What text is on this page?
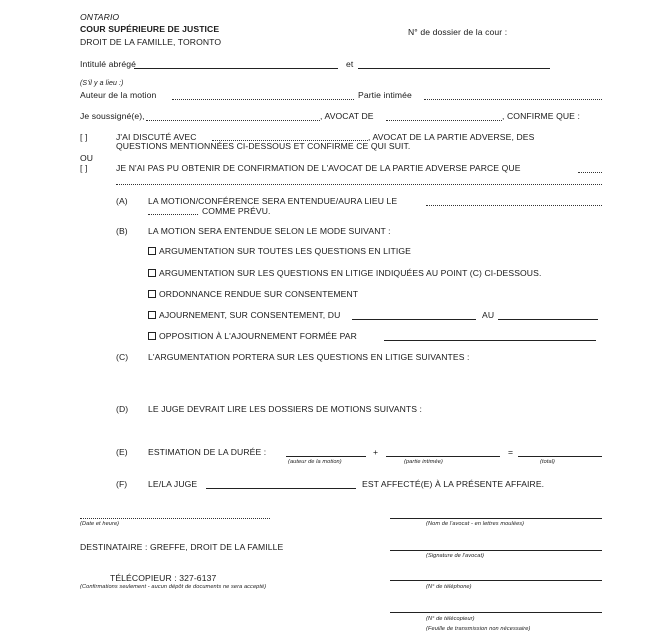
ONTARIO
COUR SUPÉRIEURE DE JUSTICE
DROIT DE LA FAMILLE, TORONTO
N° de dossier de la cour :
Intitulé abrégé	et
(S'il y a lieu :)
Auteur de la motion	Partie intimée
Je soussigné(e),	, AVOCAT DE	, CONFIRME QUE :
[ ]	J'AI DISCUTÉ AVEC	, AVOCAT DE LA PARTIE ADVERSE, DES
QUESTIONS MENTIONNÉES CI-DESSOUS ET CONFIRME CE QUI SUIT.
OU
[ ]	JE N'AI PAS PU OBTENIR DE CONFIRMATION DE L'AVOCAT DE LA PARTIE ADVERSE PARCE QUE
(A) LA MOTION/CONFÉRENCE SERA ENTENDUE/AURA LIEU LE
COMME PRÉVU.
(B) LA MOTION SERA ENTENDUE SELON LE MODE SUIVANT :
ARGUMENTATION SUR TOUTES LES QUESTIONS EN LITIGE
ARGUMENTATION SUR LES QUESTIONS EN LITIGE INDIQUÉES AU POINT (C) CI-DESSOUS.
ORDONNANCE RENDUE SUR CONSENTEMENT
AJOURNEMENT, SUR CONSENTEMENT, DU	AU
OPPOSITION À L'AJOURNEMENT FORMÉE PAR
(C) L'ARGUMENTATION PORTERA SUR LES QUESTIONS EN LITIGE SUIVANTES :
(D) LE JUGE DEVRAIT LIRE LES DOSSIERS DE MOTIONS SUIVANTS :
(E) ESTIMATION DE LA DURÉE :	+	=
(auteur de la motion)	(partie intimée)	(total)
(F) LE/LA JUGE	EST AFFECTÉ(E) À LA PRÉSENTE AFFAIRE.
(Date et heure)	(Nom de l'avocat - en lettres moulées)
DESTINATAIRE : GREFFE, DROIT DE LA FAMILLE
(Signature de l'avocat)
TÉLÉCOPIEUR : 327-6137
(Confirmations seulement - aucun dépôt de documents ne sera accepté)	(N° de téléphone)
(N° de télécopieur)
(Feuille de transmission non nécessaire)
